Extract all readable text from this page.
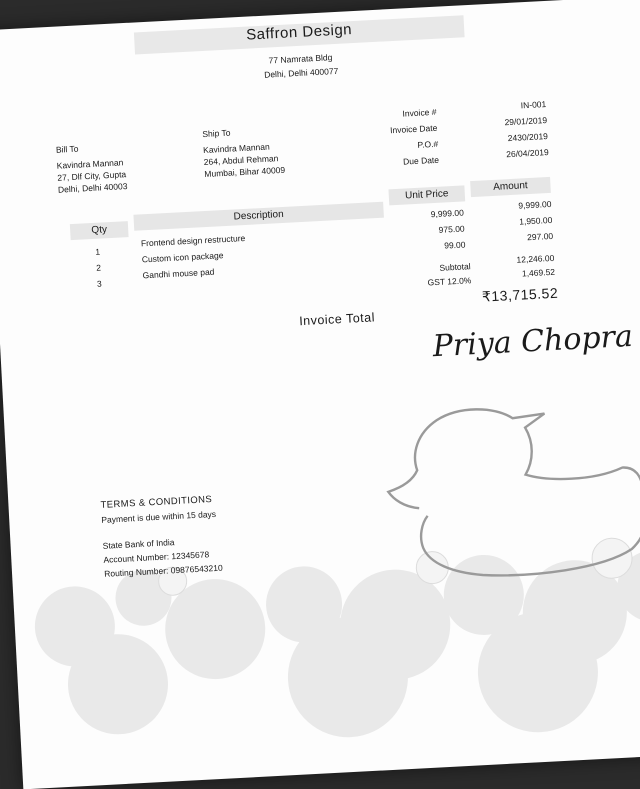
Saffron Design
77 Namrata Bldg
Delhi, Delhi 400077
Bill To
Kavindra Mannan
27, Dlf City, Gupta
Delhi, Delhi 40003
Ship To
Kavindra Mannan
264, Abdul Rehman
Mumbai, Bihar 40009
Invoice #
IN-001
Invoice Date
29/01/2019
P.O.#
2430/2019
Due Date
26/04/2019
Qty
Description
Unit Price
Amount
1
Frontend design restructure
9,999.00
9,999.00
2
Custom icon package
975.00
1,950.00
3
Gandhi mouse pad
99.00
297.00
Subtotal
12,246.00
GST 12.0%
1,469.52
Invoice Total
₹13,715.52
Priya Chopra
TERMS & CONDITIONS
Payment is due within 15 days
State Bank of India
Account Number: 12345678
Routing Number: 09876543210
